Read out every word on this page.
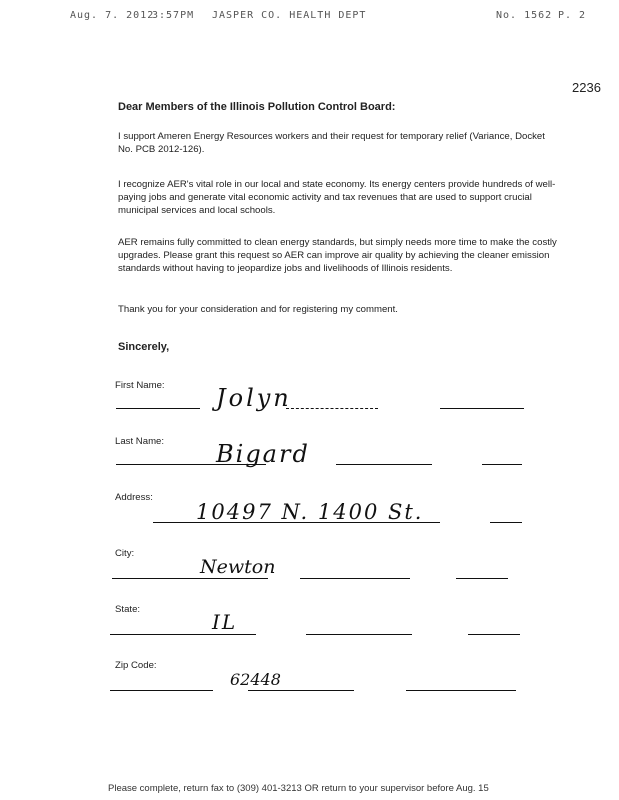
Aug. 7. 2012
3:57PM JASPER CO. HEALTH DEPT	No. 1562 P. 2
2236
Dear Members of the Illinois Pollution Control Board:
I support Ameren Energy Resources workers and their request for temporary relief (Variance, Docket No. PCB 2012-126).
I recognize AER's vital role in our local and state economy. Its energy centers provide hundreds of well-paying jobs and generate vital economic activity and tax revenues that are used to support crucial municipal services and local schools.
AER remains fully committed to clean energy standards, but simply needs more time to make the costly upgrades. Please grant this request so AER can improve air quality by achieving the cleaner emission standards without having to jeopardize jobs and livelihoods of Illinois residents.
Thank you for your consideration and for registering my comment.
Sincerely,
First Name: Jolyn
Last Name: Bigard
Address:
10497 N. 1400 St.
City:
Newton
State:
IL
Zip Code:
62448
Please complete, return fax to (309) 401-3213 OR return to your supervisor before Aug. 15
